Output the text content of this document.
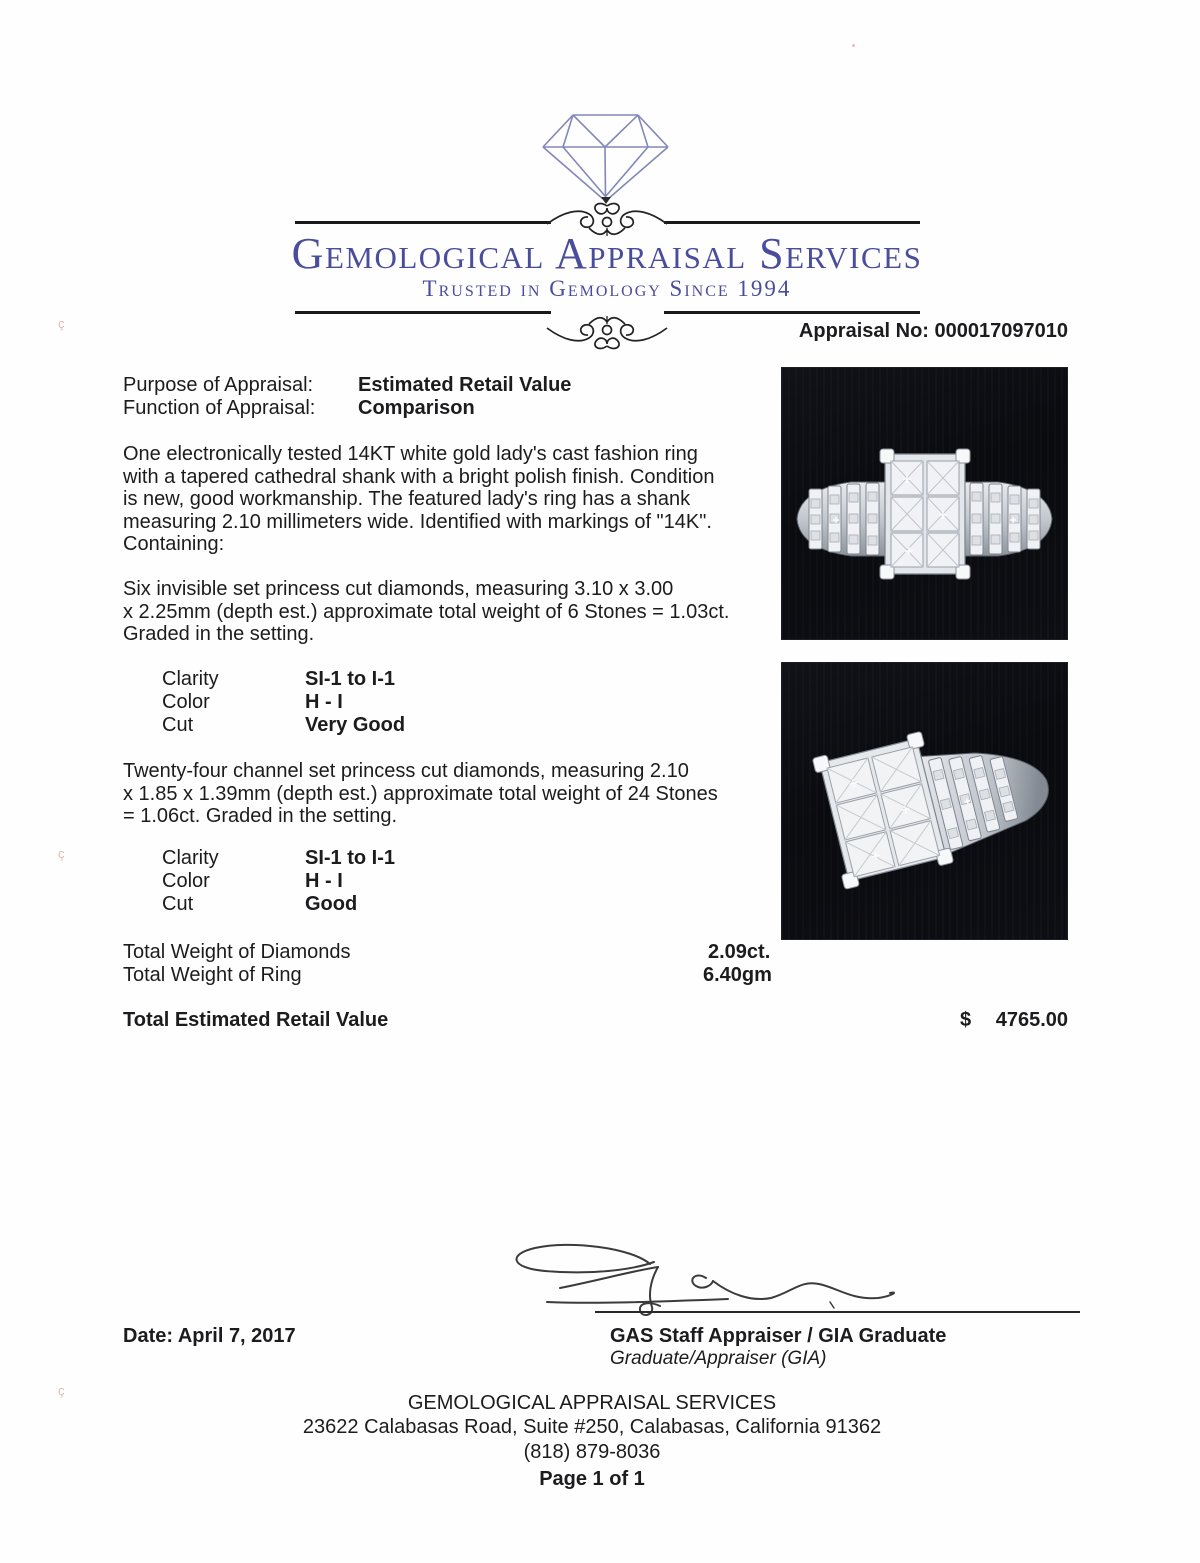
Gemological Appraisal Services
Trusted in Gemology Since 1994
Appraisal No: 000017097010
Purpose of Appraisal: Estimated Retail Value
Function of Appraisal: Comparison
One electronically tested 14KT white gold lady's cast fashion ring
with a tapered cathedral shank with a bright polish finish. Condition
is new, good workmanship. The featured lady's ring has a shank
measuring 2.10 millimeters wide. Identified with markings of "14K".
Containing:
Six invisible set princess cut diamonds, measuring 3.10 x 3.00
x 2.25mm (depth est.) approximate total weight of 6 Stones = 1.03ct.
Graded in the setting.
Clarity	SI-1 to I-1
Color	H - I
Cut	Very Good
Twenty-four channel set princess cut diamonds, measuring 2.10
x 1.85 x 1.39mm (depth est.) approximate total weight of 24 Stones
= 1.06ct. Graded in the setting.
Clarity	SI-1 to I-1
Color	H - I
Cut	Good
Total Weight of Diamonds	2.09ct.
Total Weight of Ring	6.40gm
Total Estimated Retail Value	$ 4765.00
Date: April 7, 2017	GAS Staff Appraiser / GIA Graduate
Graduate/Appraiser (GIA)
GEMOLOGICAL APPRAISAL SERVICES
23622 Calabasas Road, Suite #250, Calabasas, California 91362
(818) 879-8036
Page 1 of 1
ç
ç
ç
